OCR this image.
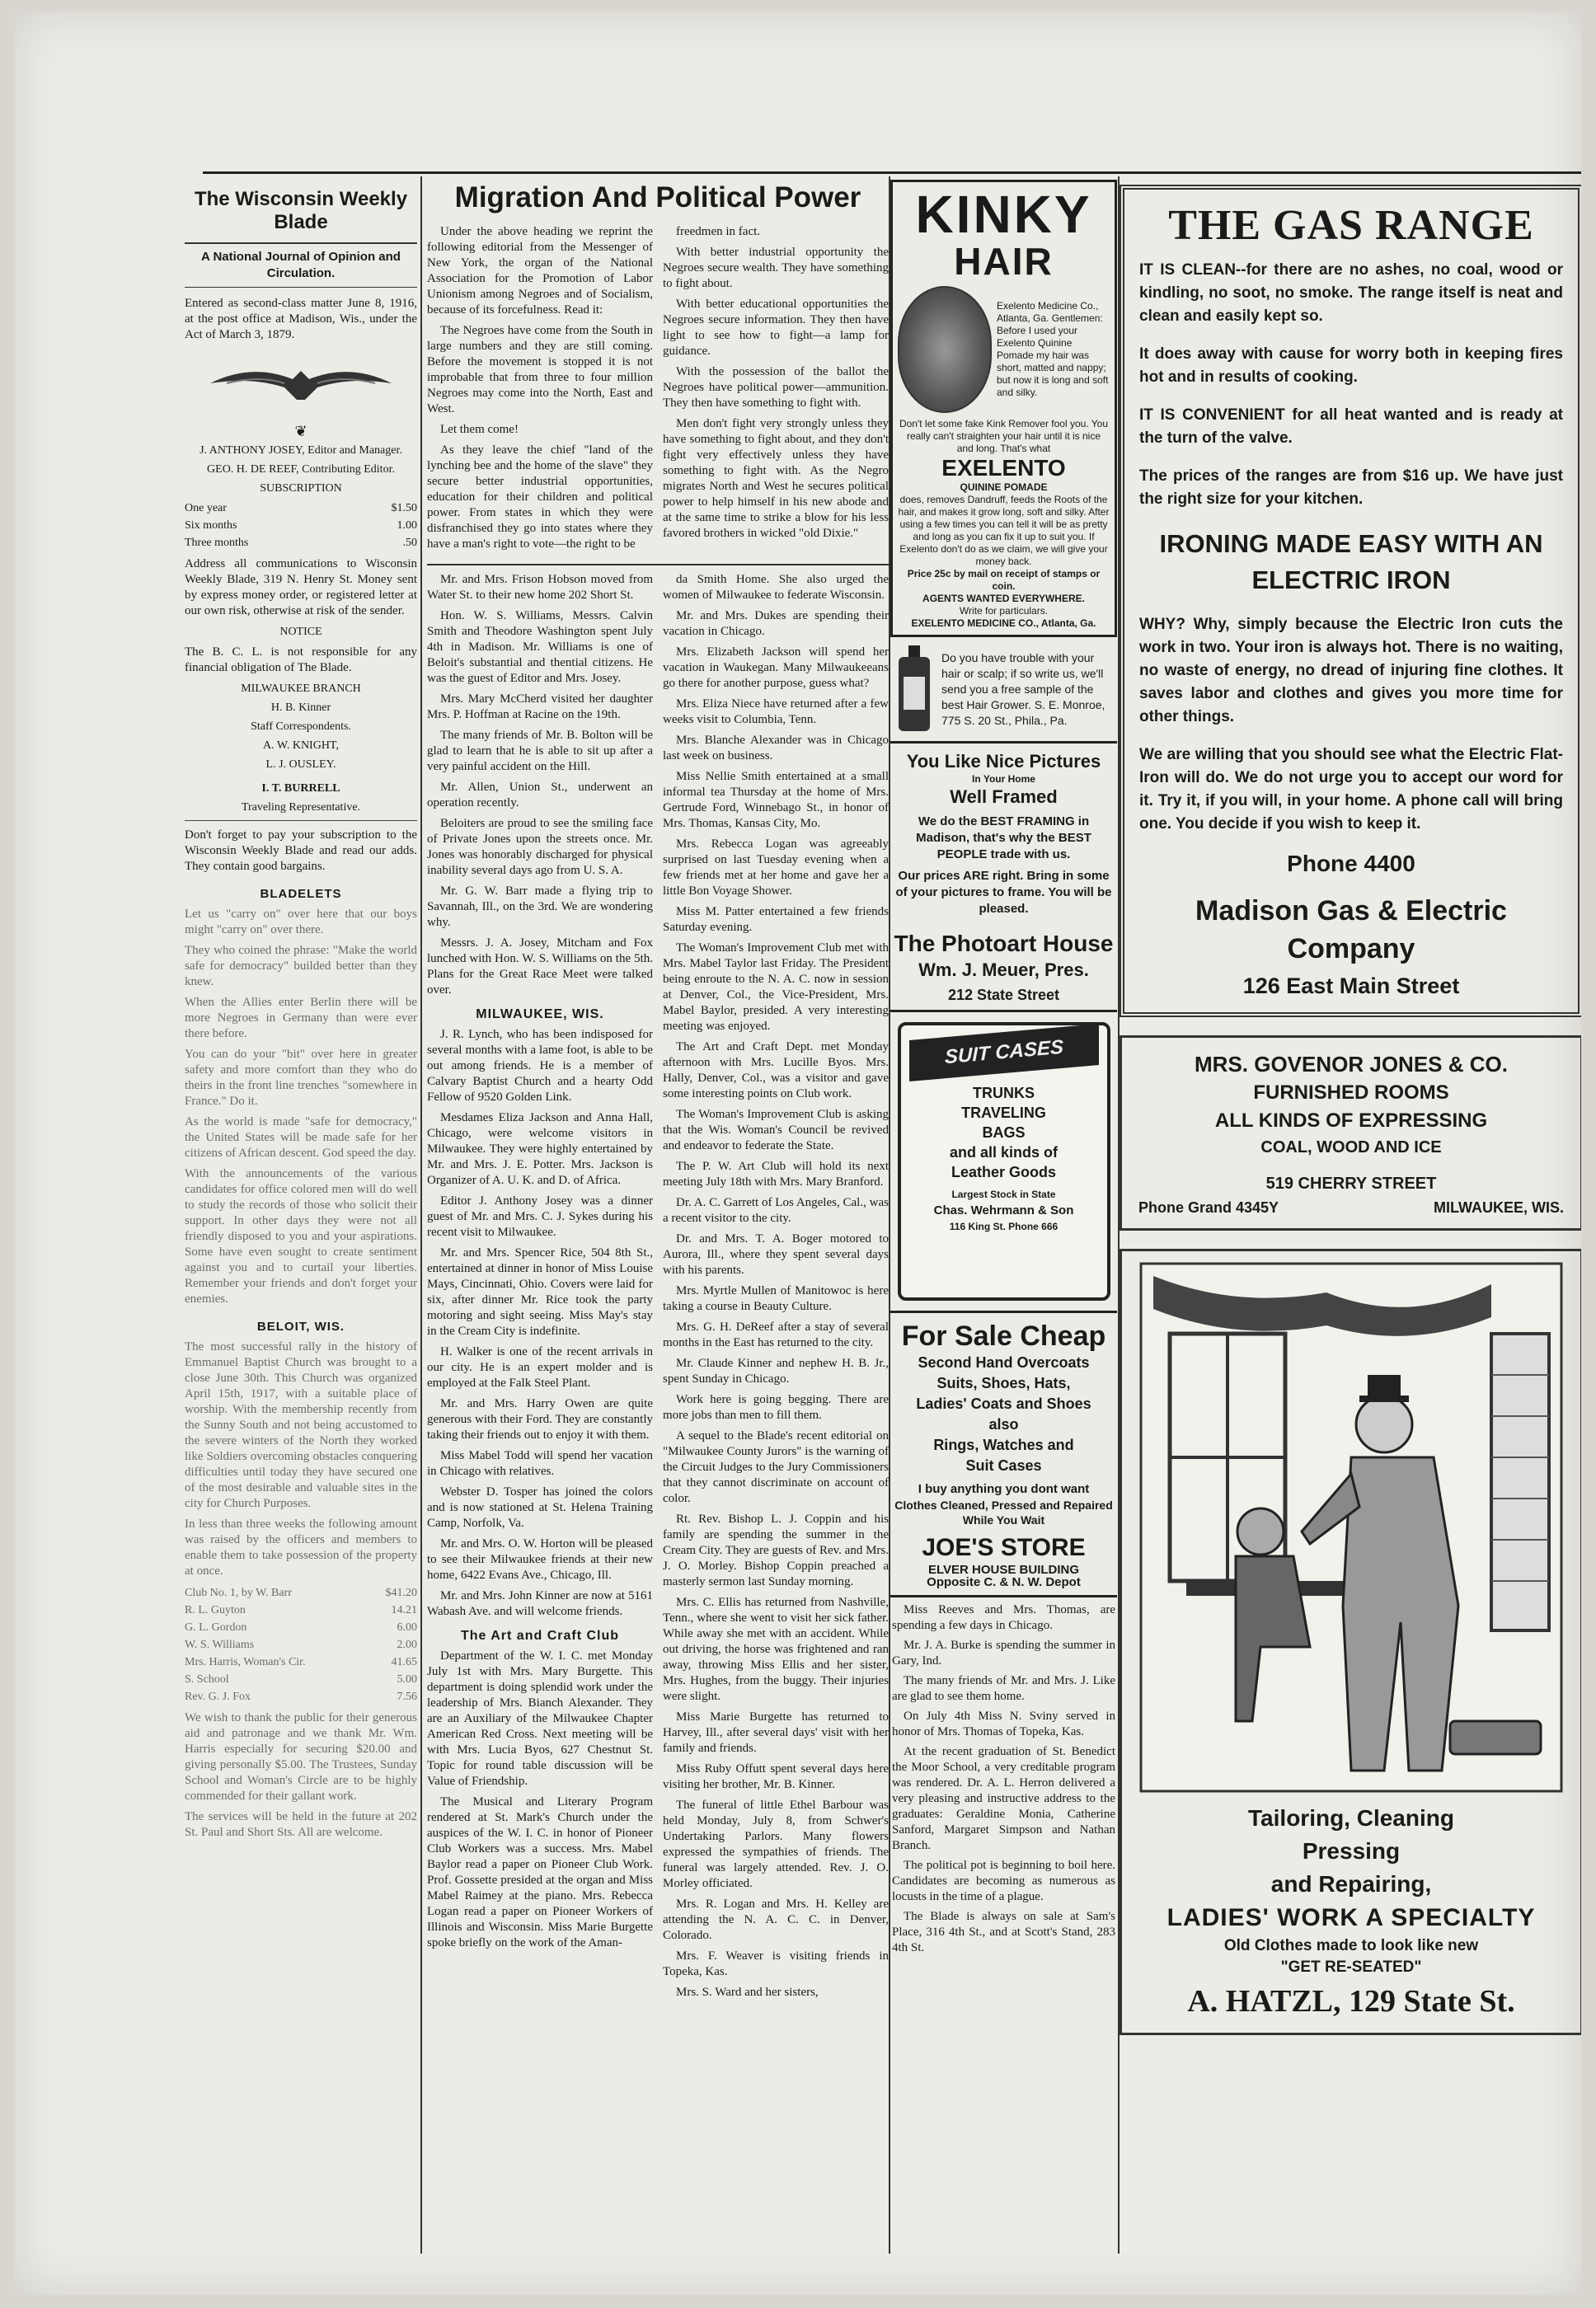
The Wisconsin Weekly Blade
A National Journal of Opinion and Circulation.

Entered as second-class matter June 8, 1916, at the post office at Madison, Wis., under the Act of March 3, 1879.

❦
J. ANTHONY JOSEY, Editor and Manager.
GEO. H. DE REEF, Contributing Editor.
SUBSCRIPTION
One year	$1.50
Six months	1.00
Three months	.50

Address all communications to Wisconsin Weekly Blade, 319 N. Henry St. Money sent by express money order, or registered letter at our own risk, otherwise at risk of the sender.

NOTICE

The B. C. L. is not responsible for any financial obligation of The Blade.

MILWAUKEE BRANCH
H. B. Kinner
Staff Correspondents.
A. W. KNIGHT,
L. J. OUSLEY.
I. T. BURRELL
Traveling Representative.

Don't forget to pay your subscription to the Wisconsin Weekly Blade and read our adds. They contain good bargains.

BLADELETS

Let us "carry on" over here that our boys might "carry on" over there.

They who coined the phrase: "Make the world safe for democracy" builded better than they knew.

When the Allies enter Berlin there will be more Negroes in Germany than were ever there before.

You can do your "bit" over here in greater safety and more comfort than they who do theirs in the front line trenches "somewhere in France." Do it.

As the world is made "safe for democracy," the United States will be made safe for her citizens of African descent. God speed the day.

With the announcements of the various candidates for office colored men will do well to study the records of those who solicit their support. In other days they were not all friendly disposed to you and your aspirations. Some have even sought to create sentiment against you and to curtail your liberties. Remember your friends and don't forget your enemies.

BELOIT, WIS.

The most successful rally in the history of Emmanuel Baptist Church was brought to a close June 30th. This Church was organized April 15th, 1917, with a suitable place of worship. With the membership recently from the Sunny South and not being accustomed to the severe winters of the North they worked like Soldiers overcoming obstacles conquering difficulties until today they have secured one of the most desirable and valuable sites in the city for Church Purposes.

In less than three weeks the following amount was raised by the officers and members to enable them to take possession of the property at once.

Club No. 1, by W. Barr	$41.20
R. L. Guyton	14.21
G. L. Gordon	6.00
W. S. Williams	2.00
Mrs. Harris, Woman's Cir.	41.65
S. School	5.00
Rev. G. J. Fox	7.56

We wish to thank the public for their generous aid and patronage and we thank Mr. Wm. Harris especially for securing $20.00 and giving personally $5.00. The Trustees, Sunday School and Woman's Circle are to be highly commended for their gallant work.

The services will be held in the future at 202 St. Paul and Short Sts. All are welcome.

Migration And Political Power

Under the above heading we reprint the following editorial from the Messenger of New York, the organ of the National Association for the Promotion of Labor Unionism among Negroes and of Socialism, because of its forcefulness. Read it:

The Negroes have come from the South in large numbers and they are still coming. Before the movement is stopped it is not improbable that from three to four million Negroes may come into the North, East and West.

Let them come!

As they leave the chief "land of the lynching bee and the home of the slave" they secure better industrial opportunities, education for their children and political power. From states in which they were disfranchised they go into states where they have a man's right to vote—the right to be

freedmen in fact.

With better industrial opportunity the Negroes secure wealth. They have something to fight about.

With better educational opportunities the Negroes secure information. They then have light to see how to fight—a lamp for guidance.

With the possession of the ballot the Negroes have political power—ammunition. They then have something to fight with.

Men don't fight very strongly unless they have something to fight about, and they don't fight very effectively unless they have something to fight with. As the Negro migrates North and West he secures political power to help himself in his new abode and at the same time to strike a blow for his less favored brothers in wicked "old Dixie."

Mr. and Mrs. Frison Hobson moved from Water St. to their new home 202 Short St.

Hon. W. S. Williams, Messrs. Calvin Smith and Theodore Washington spent July 4th in Madison. Mr. Williams is one of Beloit's substantial and thential citizens. He was the guest of Editor and Mrs. Josey.

Mrs. Mary McCherd visited her daughter Mrs. P. Hoffman at Racine on the 19th.

The many friends of Mr. B. Bolton will be glad to learn that he is able to sit up after a very painful accident on the Hill.

Mr. Allen, Union St., underwent an operation recently.

Beloiters are proud to see the smiling face of Private Jones upon the streets once. Mr. Jones was honorably discharged for physical inability several days ago from U. S. A.

Mr. G. W. Barr made a flying trip to Savannah, Ill., on the 3rd. We are wondering why.

Messrs. J. A. Josey, Mitcham and Fox lunched with Hon. W. S. Williams on the 5th. Plans for the Great Race Meet were talked over.

MILWAUKEE, WIS.

J. R. Lynch, who has been indisposed for several months with a lame foot, is able to be out among friends. He is a member of Calvary Baptist Church and a hearty Odd Fellow of 9520 Golden Link.

Mesdames Eliza Jackson and Anna Hall, Chicago, were welcome visitors in Milwaukee. They were highly entertained by Mr. and Mrs. J. E. Potter. Mrs. Jackson is Organizer of A. U. K. and D. of Africa.

Editor J. Anthony Josey was a dinner guest of Mr. and Mrs. C. J. Sykes during his recent visit to Milwaukee.

Mr. and Mrs. Spencer Rice, 504 8th St., entertained at dinner in honor of Miss Louise Mays, Cincinnati, Ohio. Covers were laid for six, after dinner Mr. Rice took the party motoring and sight seeing. Miss May's stay in the Cream City is indefinite.

H. Walker is one of the recent arrivals in our city. He is an expert molder and is employed at the Falk Steel Plant.

Mr. and Mrs. Harry Owen are quite generous with their Ford. They are constantly taking their friends out to enjoy it with them.

Miss Mabel Todd will spend her vacation in Chicago with relatives.

Webster D. Tosper has joined the colors and is now stationed at St. Helena Training Camp, Norfolk, Va.

Mr. and Mrs. O. W. Horton will be pleased to see their Milwaukee friends at their new home, 6422 Evans Ave., Chicago, Ill.

Mr. and Mrs. John Kinner are now at 5161 Wabash Ave. and will welcome friends.

The Art and Craft Club

Department of the W. I. C. met Monday July 1st with Mrs. Mary Burgette. This department is doing splendid work under the leadership of Mrs. Bianch Alexander. They are an Auxiliary of the Milwaukee Chapter American Red Cross. Next meeting will be with Mrs. Lucia Byos, 627 Chestnut St. Topic for round table discussion will be Value of Friendship.

The Musical and Literary Program rendered at St. Mark's Church under the auspices of the W. I. C. in honor of Pioneer Club Workers was a success. Mrs. Mabel Baylor read a paper on Pioneer Club Work. Prof. Gossette presided at the organ and Miss Mabel Raimey at the piano. Mrs. Rebecca Logan read a paper on Pioneer Workers of Illinois and Wisconsin. Miss Marie Burgette spoke briefly on the work of the Aman-

da Smith Home. She also urged the women of Milwaukee to federate Wisconsin.

Mr. and Mrs. Dukes are spending their vacation in Chicago.

Mrs. Elizabeth Jackson will spend her vacation in Waukegan. Many Milwaukeeans go there for another purpose, guess what?

Mrs. Eliza Niece have returned after a few weeks visit to Columbia, Tenn.

Mrs. Blanche Alexander was in Chicago last week on business.

Miss Nellie Smith entertained at a small informal tea Thursday at the home of Mrs. Gertrude Ford, Winnebago St., in honor of Mrs. Thomas, Kansas City, Mo.

Mrs. Rebecca Logan was agreeably surprised on last Tuesday evening when a few friends met at her home and gave her a little Bon Voyage Shower.

Miss M. Patter entertained a few friends Saturday evening.

The Woman's Improvement Club met with Mrs. Mabel Taylor last Friday. The President being enroute to the N. A. C. now in session at Denver, Col., the Vice-President, Mrs. Mabel Baylor, presided. A very interesting meeting was enjoyed.

The Art and Craft Dept. met Monday afternoon with Mrs. Lucille Byos. Mrs. Hally, Denver, Col., was a visitor and gave some interesting points on Club work.

The Woman's Improvement Club is asking that the Wis. Woman's Council be revived and endeavor to federate the State.

The P. W. Art Club will hold its next meeting July 18th with Mrs. Mary Branford.

Dr. A. C. Garrett of Los Angeles, Cal., was a recent visitor to the city.

Dr. and Mrs. T. A. Boger motored to Aurora, Ill., where they spent several days with his parents.

Mrs. Myrtle Mullen of Manitowoc is here taking a course in Beauty Culture.

Mrs. G. H. DeReef after a stay of several months in the East has returned to the city.

Mr. Claude Kinner and nephew H. B. Jr., spent Sunday in Chicago.

Work here is going begging. There are more jobs than men to fill them.

A sequel to the Blade's recent editorial on "Milwaukee County Jurors" is the warning of the Circuit Judges to the Jury Commissioners that they cannot discriminate on account of color.

Rt. Rev. Bishop L. J. Coppin and his family are spending the summer in the Cream City. They are guests of Rev. and Mrs. J. O. Morley. Bishop Coppin preached a masterly sermon last Sunday morning.

Mrs. C. Ellis has returned from Nashville, Tenn., where she went to visit her sick father. While away she met with an accident. While out driving, the horse was frightened and ran away, throwing Miss Ellis and her sister, Mrs. Hughes, from the buggy. Their injuries were slight.

Miss Marie Burgette has returned to Harvey, Ill., after several days' visit with her family and friends.

Miss Ruby Offutt spent several days here visiting her brother, Mr. B. Kinner.

The funeral of little Ethel Barbour was held Monday, July 8, from Schwer's Undertaking Parlors. Many flowers expressed the sympathies of friends. The funeral was largely attended. Rev. J. O. Morley officiated.

Mrs. R. Logan and Mrs. H. Kelley are attending the N. A. C. C. in Denver, Colorado.

Mrs. F. Weaver is visiting friends in Topeka, Kas.

Mrs. S. Ward and her sisters,

KINKY
HAIR
Exelento Medicine Co., Atlanta, Ga. Gentlemen: Before I used your Exelento Quinine Pomade my hair was short, matted and nappy; but now it is long and soft and silky.
Don't let some fake Kink Remover fool you. You really can't straighten your hair until it is nice and long. That's what
EXELENTO
QUININE POMADE
does, removes Dandruff, feeds the Roots of the hair, and makes it grow long, soft and silky. After using a few times you can tell it will be as pretty and long as you can fix it up to suit you. If Exelento don't do as we claim, we will give your money back.
Price 25c by mail on receipt of stamps or coin.
AGENTS WANTED EVERYWHERE.
Write for particulars.
EXELENTO MEDICINE CO., Atlanta, Ga.
Do you have trouble with your hair or scalp; if so write us, we'll send you a free sample of the best Hair Grower. S. E. Monroe, 775 S. 20 St., Phila., Pa.
You Like Nice Pictures
In Your Home
Well Framed
We do the BEST FRAMING in Madison, that's why the BEST PEOPLE trade with us.
Our prices ARE right. Bring in some of your pictures to frame. You will be pleased.
The Photoart House
Wm. J. Meuer, Pres.
212 State Street
SUIT CASES
TRUNKS
TRAVELING
BAGS
and all kinds of
Leather Goods
Largest Stock in State
Chas. Wehrmann & Son
116 King St. Phone 666
For Sale Cheap
Second Hand Overcoats
Suits, Shoes, Hats,
Ladies' Coats and Shoes
also
Rings, Watches and
Suit Cases
I buy anything you dont want
Clothes Cleaned, Pressed and Repaired While You Wait
JOE'S STORE
ELVER HOUSE BUILDING
Opposite C. & N. W. Depot

Miss Reeves and Mrs. Thomas, are spending a few days in Chicago.

Mr. J. A. Burke is spending the summer in Gary, Ind.

The many friends of Mr. and Mrs. J. Like are glad to see them home.

On July 4th Miss N. Sviny served in honor of Mrs. Thomas of Topeka, Kas.

At the recent graduation of St. Benedict the Moor School, a very creditable program was rendered. Dr. A. L. Herron delivered a very pleasing and instructive address to the graduates: Geraldine Monia, Catherine Sanford, Margaret Simpson and Nathan Branch.

The political pot is beginning to boil here. Candidates are becoming as numerous as locusts in the time of a plague.

The Blade is always on sale at Sam's Place, 316 4th St., and at Scott's Stand, 283 4th St.

THE GAS RANGE

IT IS CLEAN--for there are no ashes, no coal, wood or kindling, no soot, no smoke. The range itself is neat and clean and easily kept so.

It does away with cause for worry both in keeping fires hot and in results of cooking.

IT IS CONVENIENT for all heat wanted and is ready at the turn of the valve.

The prices of the ranges are from $16 up. We have just the right size for your kitchen.

IRONING MADE EASY WITH AN ELECTRIC IRON

WHY? Why, simply because the Electric Iron cuts the work in two. Your iron is always hot. There is no waiting, no waste of energy, no dread of injuring fine clothes. It saves labor and clothes and gives you more time for other things.

We are willing that you should see what the Electric Flat-Iron will do. We do not urge you to accept our word for it. Try it, if you will, in your home. A phone call will bring one. You decide if you wish to keep it.

Phone 4400
Madison Gas & Electric Company
126 East Main Street
MRS. GOVENOR JONES & CO.
FURNISHED ROOMS
ALL KINDS OF EXPRESSING
COAL, WOOD AND ICE
519 CHERRY STREET
Phone Grand 4345Y	MILWAUKEE, WIS.
Tailoring, Cleaning
Pressing
and Repairing,
LADIES' WORK A SPECIALTY
Old Clothes made to look like new
"GET RE-SEATED"
A. HATZL, 129 State St.
